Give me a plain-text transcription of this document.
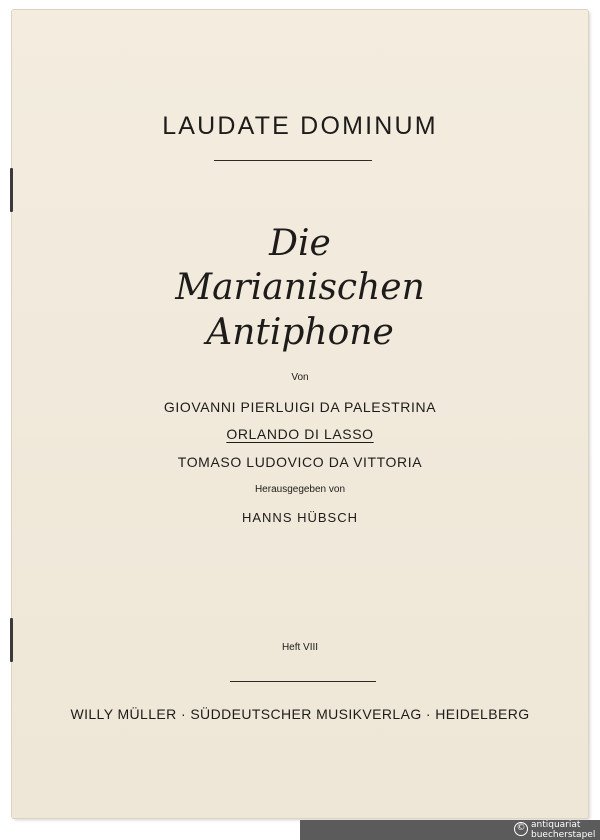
LAUDATE DOMINUM
Die
Marianischen
Antiphone
Von
GIOVANNI PIERLUIGI DA PALESTRINA
ORLANDO DI LASSO
TOMASO LUDOVICO DA VITTORIA
Herausgegeben von
HANNS HÜBSCH
Heft VIII
WILLY MÜLLER · SÜDDEUTSCHER MUSIKVERLAG · HEIDELBERG
© antiquariat
buecherstapel
